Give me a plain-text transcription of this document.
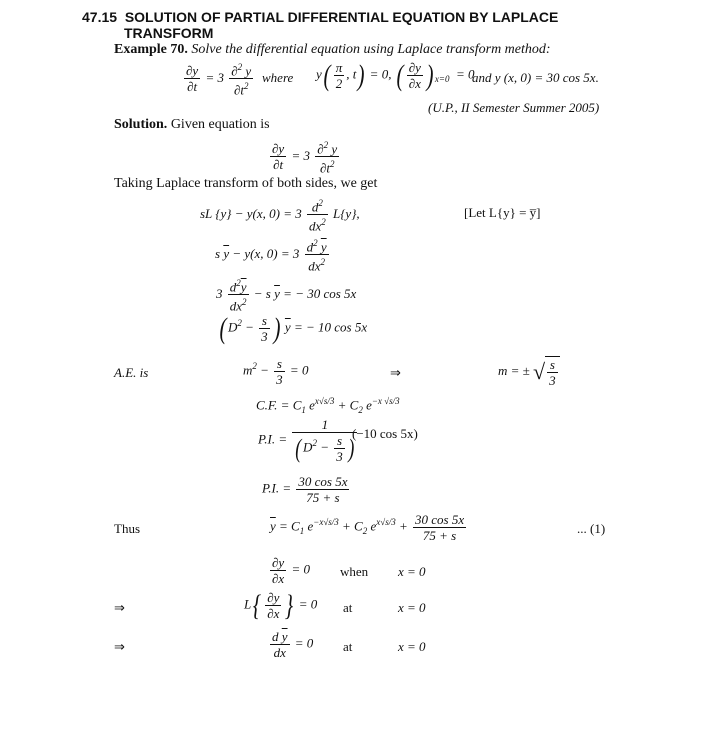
47.15 SOLUTION OF PARTIAL DIFFERENTIAL EQUATION BY LAPLACE
TRANSFORM
Example 70. Solve the differential equation using Laplace transform method:
$\frac{\partial y}{\partial t} = 3 \frac{\partial^2 y}{\partial t^2}$ where $y( \frac{\pi}{2}$ , t) = 0, ( $\frac{\partial y}{\partial x}$ ) $_{x=0}$  = 0
and y (x, 0) = 30 cos 5x.
(U.P., II Semester Summer 2005)
Solution. Given equation is
$\frac{\partial y}{\partial t} = 3 \frac{\partial^2 y}{\partial t^2}$
Taking Laplace transform of both sides, we get
sL {y} − y(x, $0) = 3 \frac{d^2}{dx^2} L\{y\}$,	[Let L{y} = y̅]
s $\overline{y} - y(x$, $0) = 3 \frac{d^2 \overline{y}}{dx^2}$
$3 \frac{d^2\overline{y}}{dx^2} - s$ $\overline{y}$ = − 30 cos 5x
( $D^2 - \frac{s}{3}$ ) $\overline{y}$ = − 10 cos 5x
A.E. is	$m^2 - \frac{s}{3} = 0$	⇒	m = ± √ $\frac{s}{3}$
C.F. = $C_1$ $e^{x√s/3} + C_2$ $e^{-x √s/3}$
P.I. = $\frac{1}{(D^2 - \frac{s}{3} )}$
(−10 cos 5x)
P.I. = $\frac{30 \cos 5x}{75 + s}$
Thus	$\overline{y} = C_1$ $e^{-x√s/3} + C_2$ $e^{x√s/3} + \frac{30 \cos 5x}{75 + s}$	... (1)
$\frac{\partial y}{\partial x} = 0$ when x = 0
⇒	$L\{ \frac{\partial y}{\partial x}$ } = 0 at	x = 0
⇒	$\frac{d \overline{y}}{dx} = 0$ at	x = 0
